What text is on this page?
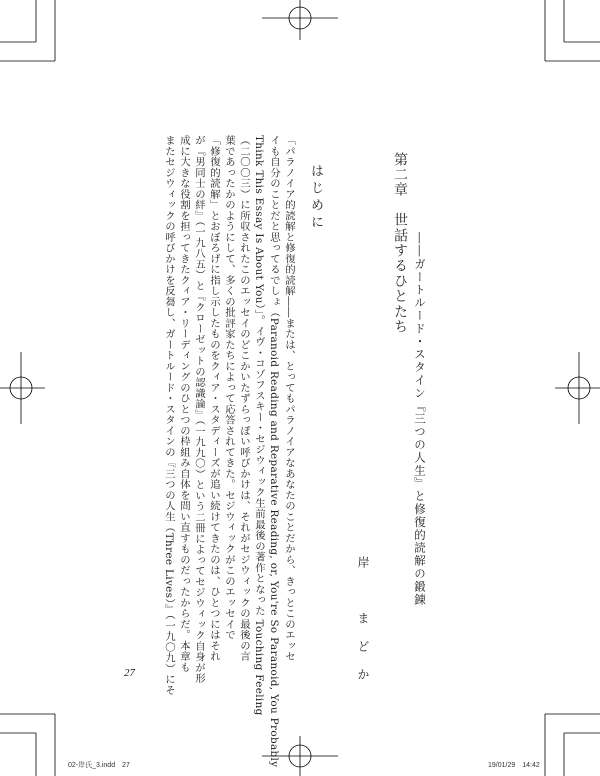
第二章　世話するひとたち ――ガートルード・スタイン『三つの人生』と修復的読解の鍛錬
岸　まどか
はじめに
「パラノイア的読解と修復的読解――または、とってもパラノイアなあなたのことだから、きっとこのエッセ
イも自分のことだと思ってるでしょ（Paranoid Reading and Reparative Reading, or, You're So Paranoid, You Probably
Think This Essay Is About You）」。イヴ・コゾフスキー・セジウィック生前最後の著作となった Touching Feeling
（二〇〇三）に所収されたこのエッセイのどこかいたずらっぽい呼びかけは、それがセジウィックの最後の言
葉であったかのようにして、多くの批評家たちによって応答されてきた。セジウィックがこのエッセイで
「修復的読解」とおぼろげに指し示したものをクィア・スタディーズが追い続けてきたのは、ひとつにはそれ
が『男同士の絆』（一九八五）と『クローゼットの認識論』（一九九〇）という二冊によってセジウィック自身が形
成に大きな役割を担ってきたクィア・リーディングのひとつの枠組み自体を問い直すものだったからだ。本章も
またセジウィックの呼びかけを反芻し、ガートルード・スタインの『三つの人生（Three Lives）』（一九〇九）にそ
27
02-岸氏_3.indd　27	19/01/29　14:42
